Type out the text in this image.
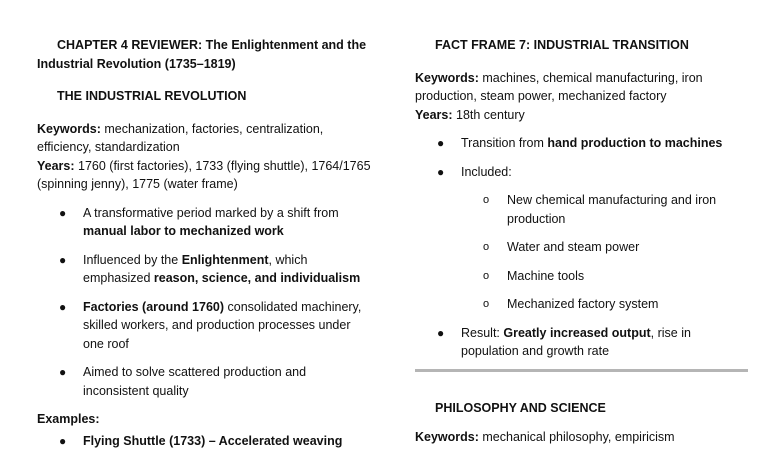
CHAPTER 4 REVIEWER: The Enlightenment and the
Industrial Revolution (1735–1819)
THE INDUSTRIAL REVOLUTION

Keywords: mechanization, factories, centralization, efficiency, standardization

Years: 1760 (first factories), 1733 (flying shuttle), 1764/1765 (spinning jenny), 1775 (water frame)

● A transformative period marked by a shift from manual labor to mechanized work
● Influenced by the Enlightenment, which emphasized reason, science, and individualism
● Factories (around 1760) consolidated machinery, skilled workers, and production processes under one roof
● Aimed to solve scattered production and inconsistent quality
Examples:
● Flying Shuttle (1733) – Accelerated weaving
FACT FRAME 7: INDUSTRIAL TRANSITION

Keywords: machines, chemical manufacturing, iron production, steam power, mechanized factory

Years: 18th century

● Transition from hand production to machines
● Included:
o New chemical manufacturing and iron production
o Water and steam power
o Machine tools
o Mechanized factory system
● Result: Greatly increased output, rise in population and growth rate
PHILOSOPHY AND SCIENCE
Keywords: mechanical philosophy, empiricism
